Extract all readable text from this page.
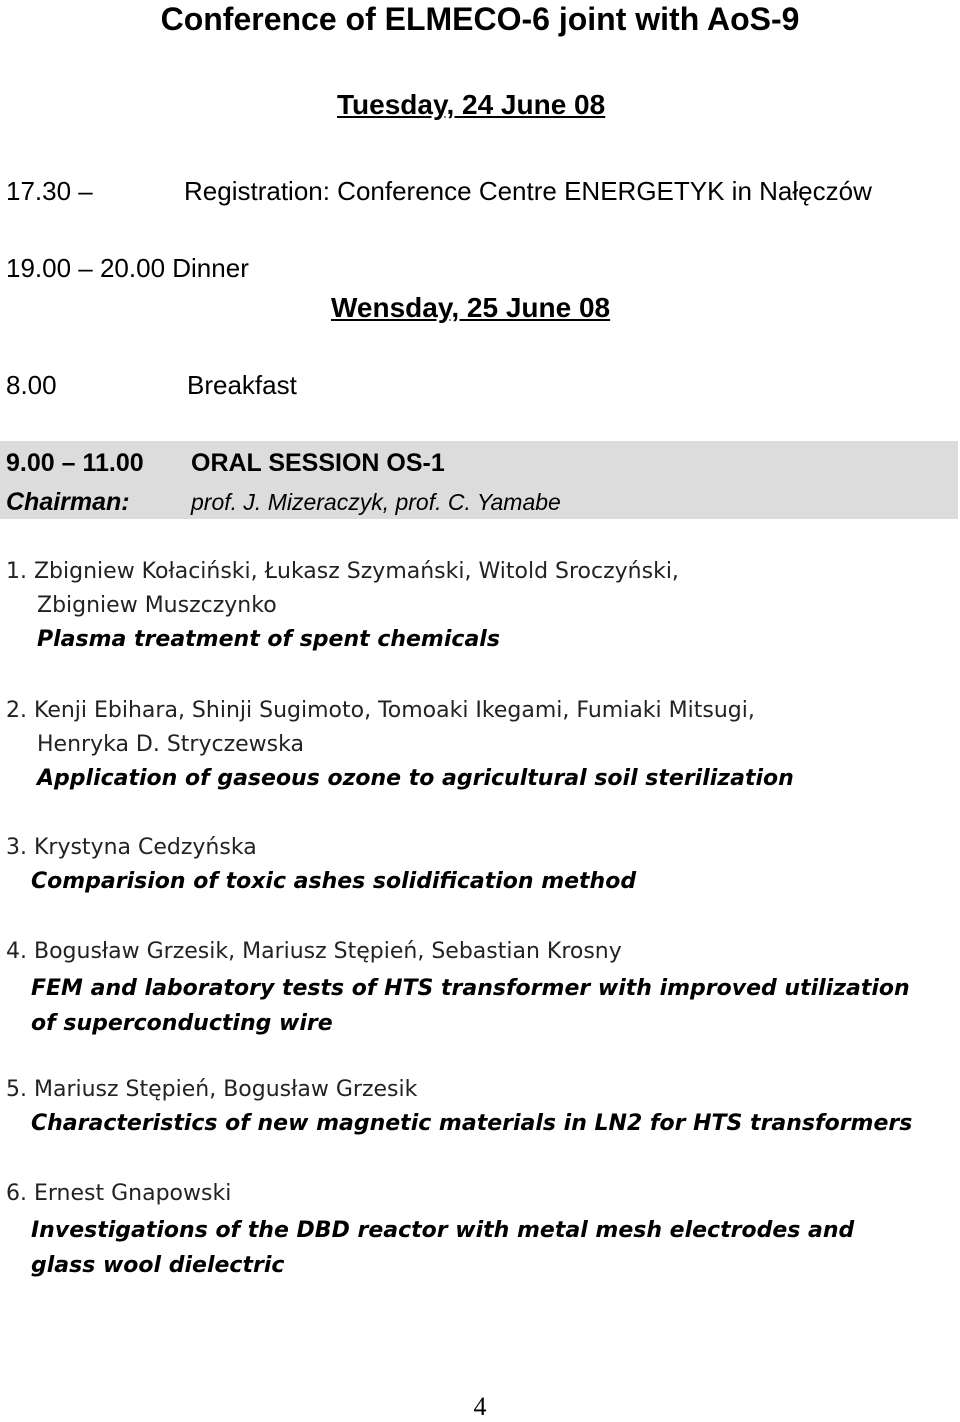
Conference of ELMECO-6 joint with AoS-9
Tuesday, 24 June 08
17.30 –	Registration: Conference Centre ENERGETYK in Nałęczów
19.00 – 20.00 Dinner
Wensday, 25 June 08
8.00	Breakfast
9.00 – 11.00 ORAL SESSION OS-1
Chairman:	prof. J. Mizeraczyk, prof. C. Yamabe
1. Zbigniew Kołaciński, Łukasz Szymański, Witold Sroczyński,
Zbigniew Muszczynko
Plasma treatment of spent chemicals
2. Kenji Ebihara, Shinji Sugimoto, Tomoaki Ikegami, Fumiaki Mitsugi,
Henryka D. Stryczewska
Application of gaseous ozone to agricultural soil sterilization
3. Krystyna Cedzyńska
Comparision of toxic ashes solidification method
4. Bogusław Grzesik, Mariusz Stępień, Sebastian Krosny
FEM and laboratory tests of HTS transformer with improved utilization of superconducting wire
5. Mariusz Stępień, Bogusław Grzesik
Characteristics of new magnetic materials in LN2 for HTS transformers
6. Ernest Gnapowski
Investigations of the DBD reactor with metal mesh electrodes and glass wool dielectric
4
